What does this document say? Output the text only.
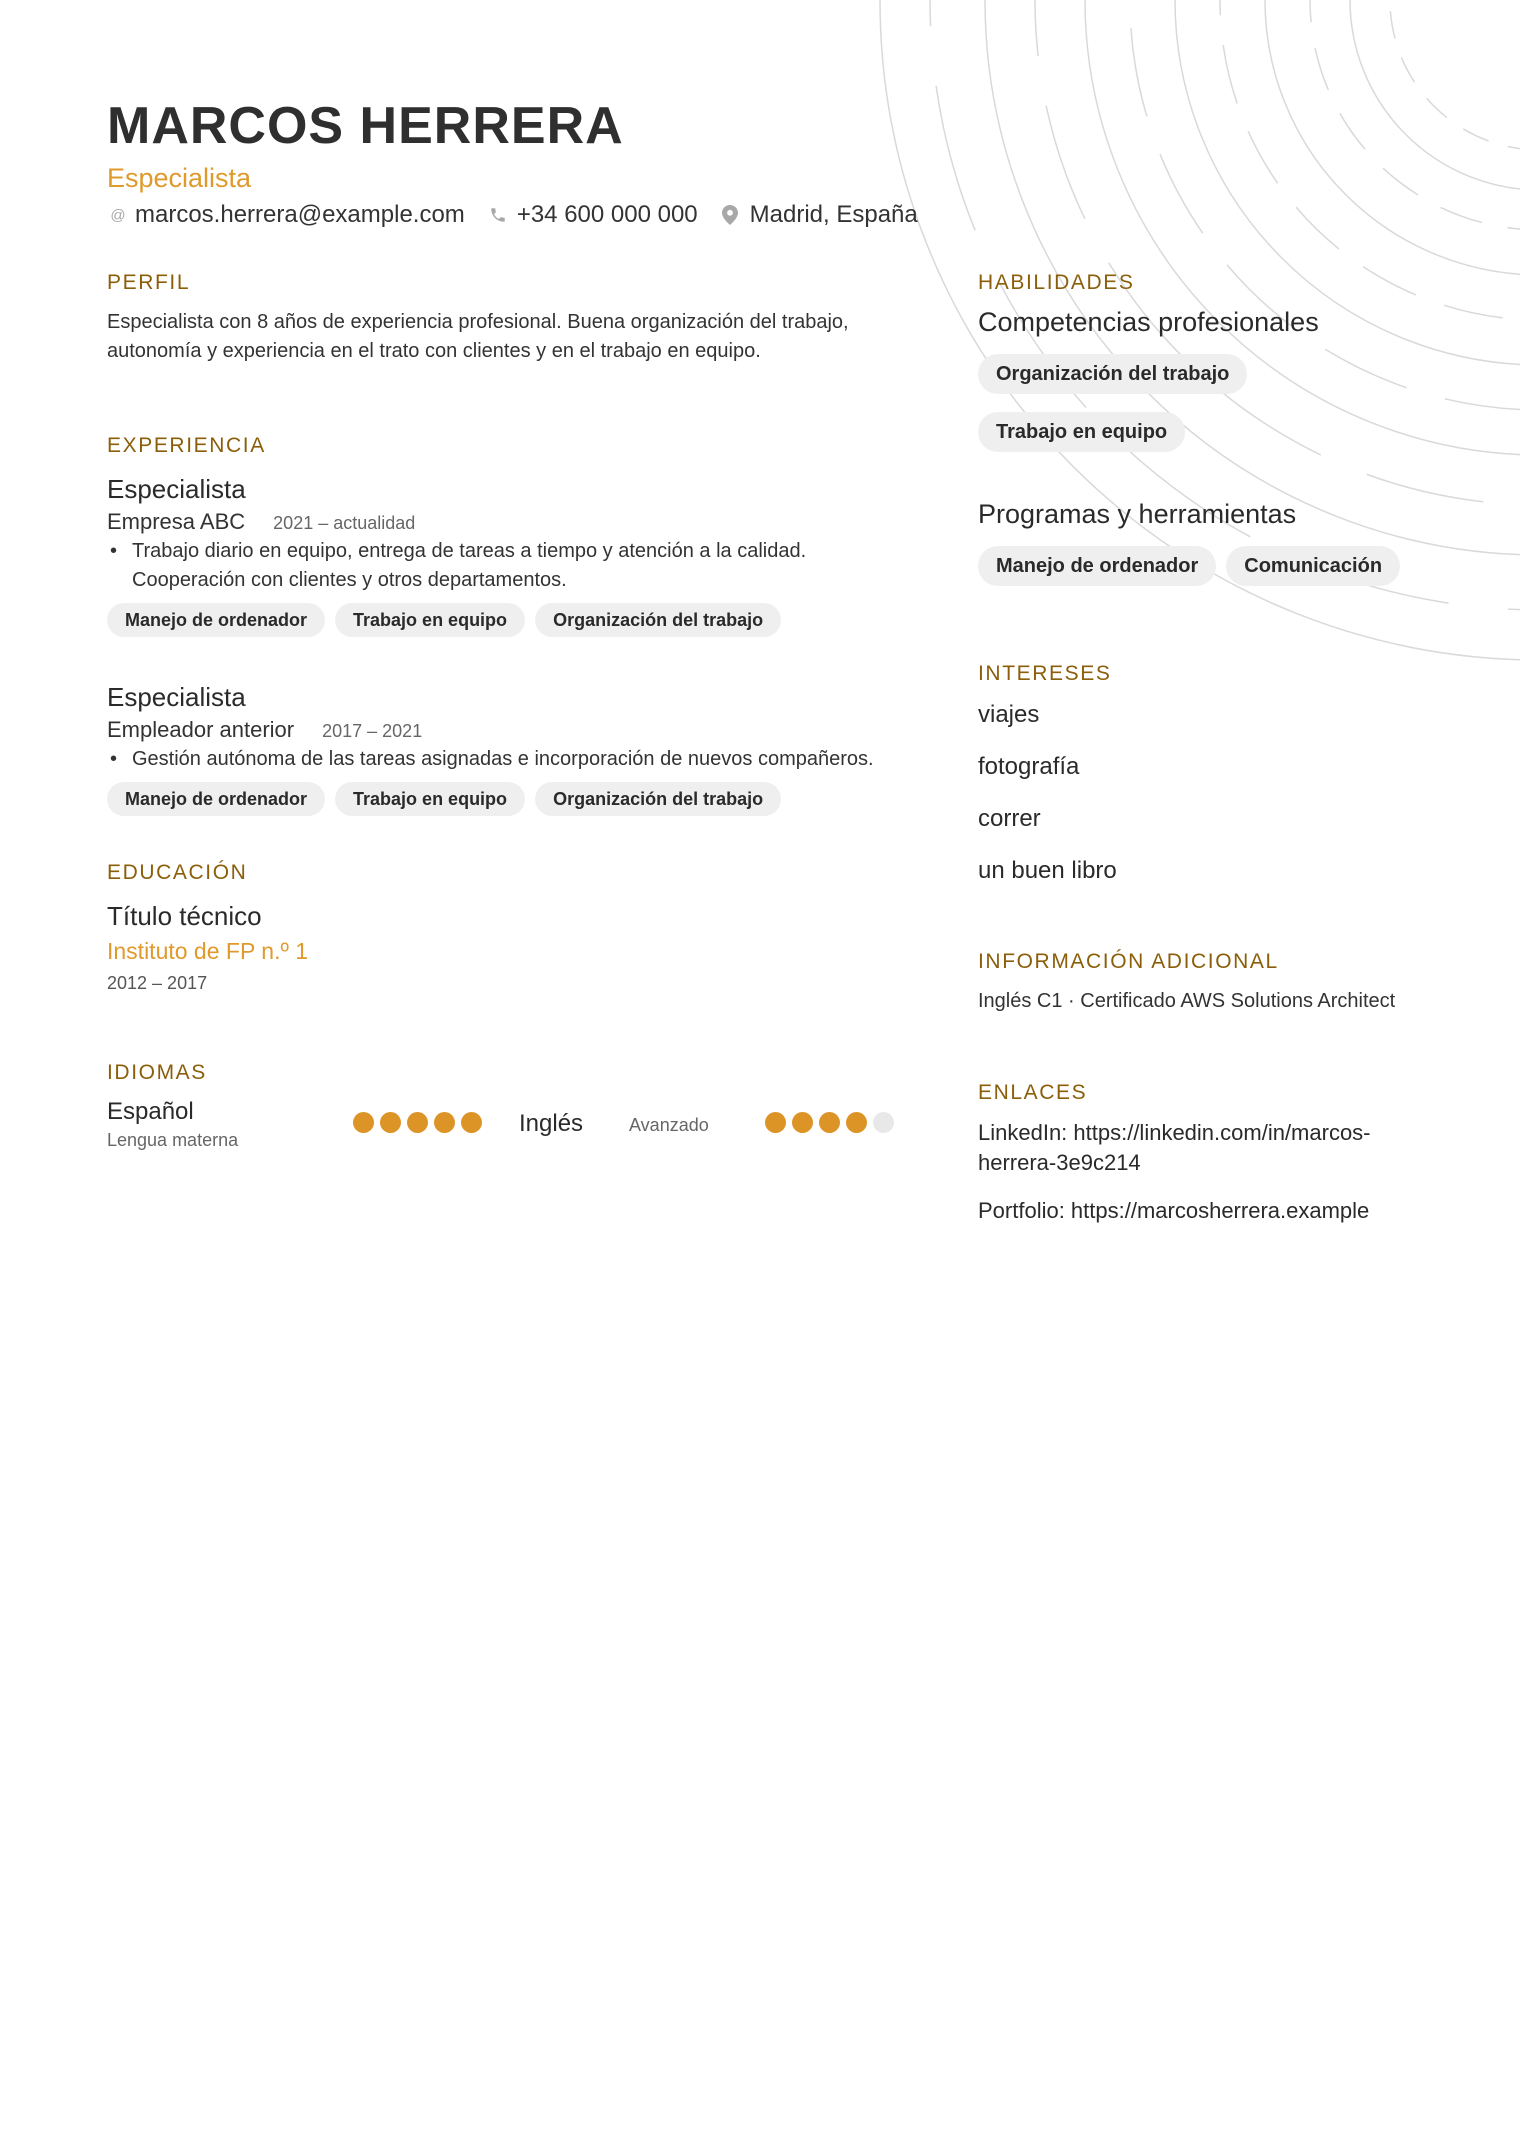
MARCOS HERRERA
Especialista
@ marcos.herrera@example.com +34 600 000 000 Madrid, España
PERFIL

Especialista con 8 años de experiencia profesional. Buena organización del trabajo, autonomía y experiencia en el trato con clientes y en el trabajo en equipo.

EXPERIENCIA
Especialista
Empresa ABC 2021 – actualidad
• Trabajo diario en equipo, entrega de tareas a tiempo y atención a la calidad. Cooperación con clientes y otros departamentos.
Manejo de ordenador	Trabajo en equipo	Organización del trabajo
Especialista
Empleador anterior 2017 – 2021
• Gestión autónoma de las tareas asignadas e incorporación de nuevos compañeros.
Manejo de ordenador	Trabajo en equipo	Organización del trabajo
EDUCACIÓN
Título técnico
Instituto de FP n.º 1
2012 – 2017
IDIOMAS
Español
Lengua materna
Inglés	Avanzado
HABILIDADES
Competencias profesionales
Organización del trabajo
Trabajo en equipo
Programas y herramientas
Manejo de ordenador	Comunicación
INTERESES
viajes
fotografía
correr
un buen libro
INFORMACIÓN ADICIONAL
Inglés C1 · Certificado AWS Solutions Architect
ENLACES
LinkedIn: https://linkedin.com/in/marcos-herrera-3e9c214
Portfolio: https://marcosherrera.example
